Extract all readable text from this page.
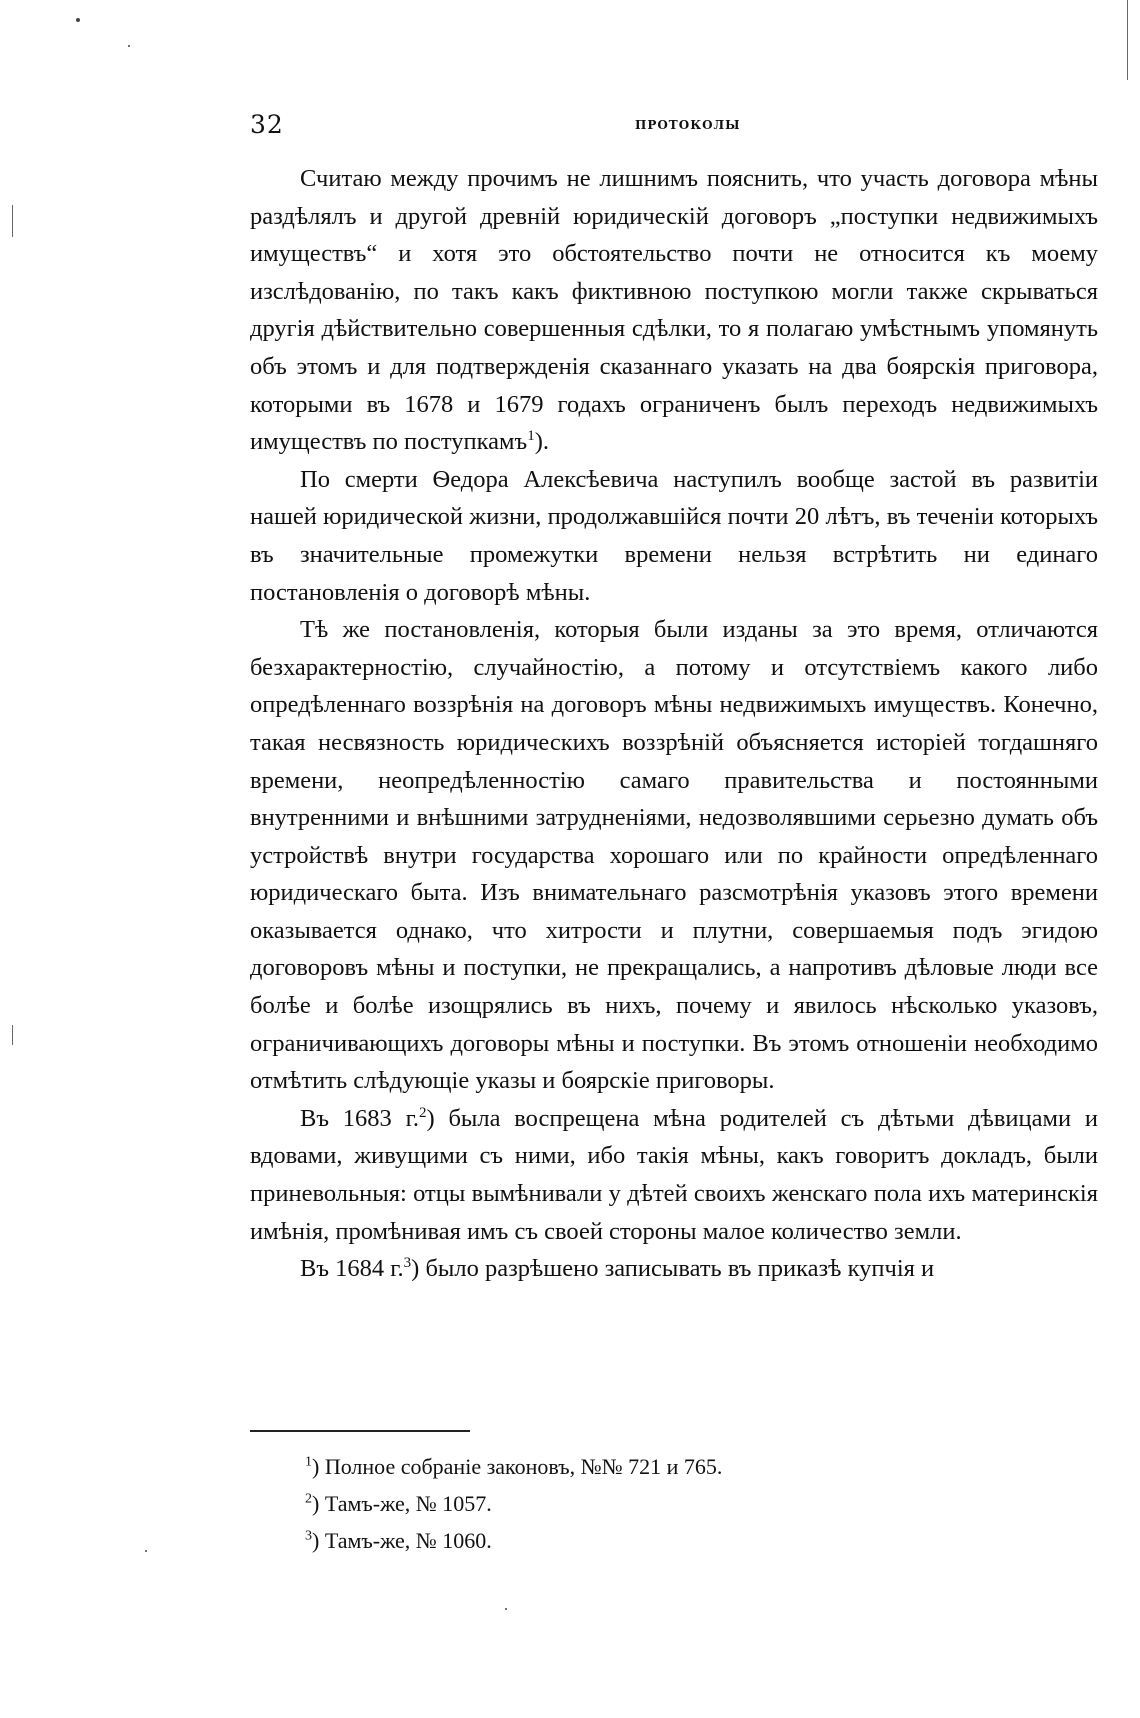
32	протоколы

Считаю между прочимъ не лишнимъ пояснить, что участь договора мѣны раздѣлялъ и другой древній юридическій договоръ „поступки недвижимыхъ имуществъ“ и хотя это обстоятельство почти не относится къ моему изслѣдованію, по такъ какъ фиктивною поступкою могли также скрываться другія дѣйствительно совершенныя сдѣлки, то я полагаю умѣстнымъ упомянуть объ этомъ и для подтвержденія сказаннаго указать на два боярскія приговора, которыми въ 1678 и 1679 годахъ ограниченъ былъ переходъ недвижимыхъ имуществъ по поступкамъ$^1$).

По смерти Ѳедора Алексѣевича наступилъ вообще застой въ развитіи нашей юридической жизни, продолжавшійся почти 20 лѣтъ, въ теченіи которыхъ въ значительные промежутки времени нельзя встрѣтить ни единаго постановленія о договорѣ мѣны.

Тѣ же постановленія, которыя были изданы за это время, отличаются безхарактерностію, случайностію, а потому и отсутствіемъ какого либо опредѣленнаго воззрѣнія на договоръ мѣны недвижимыхъ имуществъ. Конечно, такая несвязность юридическихъ воззрѣній объясняется исторіей тогдашняго времени, неопредѣленностію самаго правительства и постоянными внутренними и внѣшними затрудненіями, недозволявшими серьезно думать объ устройствѣ внутри государства хорошаго или по крайности опредѣленнаго юридическаго быта. Изъ внимательнаго разсмотрѣнія указовъ этого времени оказывается однако, что хитрости и плутни, совершаемыя подъ эгидою договоровъ мѣны и поступки, не прекращались, а напротивъ дѣловые люди все болѣе и болѣе изощрялись въ нихъ, почему и явилось нѣсколько указовъ, ограничивающихъ договоры мѣны и поступки. Въ этомъ отношеніи необходимо отмѣтить слѣдующіе указы и боярскіе приговоры.

Въ 1683 г.$^2$) была воспрещена мѣна родителей съ дѣтьми дѣвицами и вдовами, живущими съ ними, ибо такія мѣны, какъ говоритъ докладъ, были приневольныя: отцы вымѣнивали у дѣтей своихъ женскаго пола ихъ материнскія имѣнія, промѣнивая имъ съ своей стороны малое количество земли.

Въ 1684 г.$^3$) было разрѣшено записывать въ приказѣ купчія и

$^1$) Полное собраніе законовъ, №№ 721 и 765.

$^2$) Тамъ-же, № 1057.

$^3$) Тамъ-же, № 1060.
